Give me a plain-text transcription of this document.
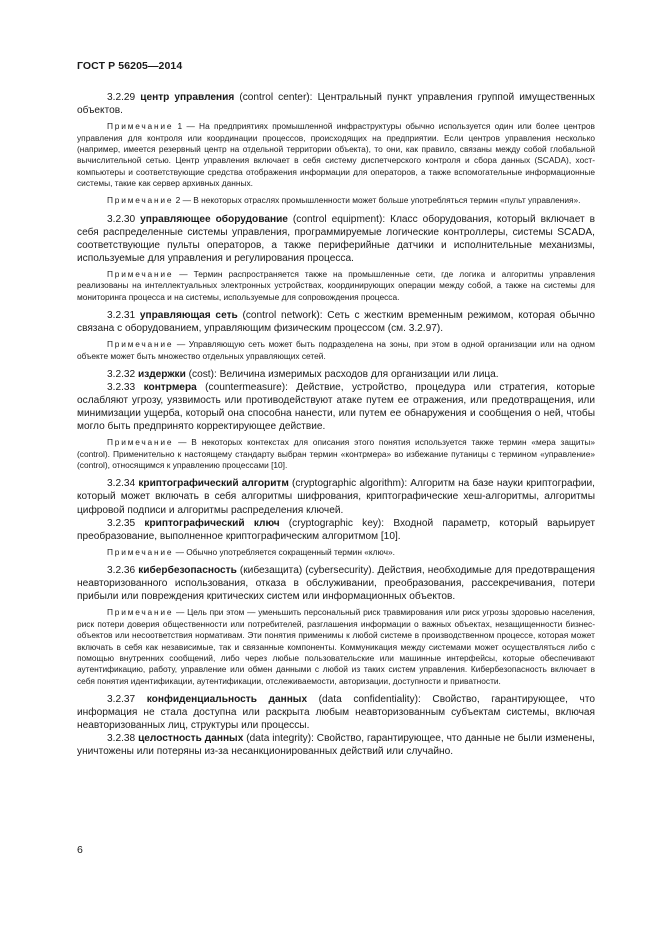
ГОСТ Р 56205—2014

3.2.29 центр управления (control center): Центральный пункт управления группой имущественных объектов.

Примечание 1 — На предприятиях промышленной инфраструктуры обычно используется один или более центров управления для контроля или координации процессов, происходящих на предприятии. Если центров управления несколько (например, имеется резервный центр на отдельной территории объекта), то они, как правило, связаны между собой глобальной вычислительной сетью. Центр управления включает в себя систему диспетчерского контроля и сбора данных (SCADA), хост-компьютеры и соответствующие средства отображения информации для операторов, а также вспомогательные информационные системы, такие как сервер архивных данных.

Примечание 2 — В некоторых отраслях промышленности может больше употребляться термин «пульт управления».

3.2.30 управляющее оборудование (control equipment): Класс оборудования, который включает в себя распределенные системы управления, программируемые логические контроллеры, системы SCADA, соответствующие пульты операторов, а также периферийные датчики и исполнительные механизмы, используемые для управления и регулирования процесса.

Примечание — Термин распространяется также на промышленные сети, где логика и алгоритмы управления реализованы на интеллектуальных электронных устройствах, координирующих операции между собой, а также на системы для мониторинга процесса и на системы, используемые для сопровождения процесса.

3.2.31 управляющая сеть (control network): Сеть с жестким временным режимом, которая обычно связана с оборудованием, управляющим физическим процессом (см. 3.2.97).

Примечание — Управляющую сеть может быть подразделена на зоны, при этом в одной организации или на одном объекте может быть множество отдельных управляющих сетей.

3.2.32 издержки (cost): Величина измеримых расходов для организации или лица.

3.2.33 контрмера (countermeasure): Действие, устройство, процедура или стратегия, которые ослабляют угрозу, уязвимость или противодействуют атаке путем ее отражения, или предотвращения, или минимизации ущерба, который она способна нанести, или путем ее обнаружения и сообщения о ней, чтобы могло быть предпринято корректирующее действие.

Примечание — В некоторых контекстах для описания этого понятия используется также термин «мера защиты» (control). Применительно к настоящему стандарту выбран термин «контрмера» во избежание путаницы с термином «управление» (control), относящимся к управлению процессами [10].

3.2.34 криптографический алгоритм (cryptographic algorithm): Алгоритм на базе науки криптографии, который может включать в себя алгоритмы шифрования, криптографические хеш-алгоритмы, алгоритмы цифровой подписи и алгоритмы распределения ключей.

3.2.35 криптографический ключ (cryptographic key): Входной параметр, который варьирует преобразование, выполненное криптографическим алгоритмом [10].

Примечание — Обычно употребляется сокращенный термин «ключ».

3.2.36 кибербезопасность (кибезащита) (cybersecurity). Действия, необходимые для предотвращения неавторизованного использования, отказа в обслуживании, преобразования, рассекречивания, потери прибыли или повреждения критических систем или информационных объектов.

Примечание — Цель при этом — уменьшить персональный риск травмирования или риск угрозы здоровью населения, риск потери доверия общественности или потребителей, разглашения информации о важных объектах, незащищенности бизнес-объектов или несоответствия нормативам. Эти понятия применимы к любой системе в производственном процессе, которая может включать в себя как независимые, так и связанные компоненты. Коммуникация между системами может осуществляться либо с помощью внутренних сообщений, либо через любые пользовательские или машинные интерфейсы, которые обеспечивают аутентификацию, работу, управление или обмен данными с любой из таких систем управления. Кибербезопасность включает в себя понятия идентификации, аутентификации, отслеживаемости, авторизации, доступности и приватности.

3.2.37 конфиденциальность данных (data confidentiality): Свойство, гарантирующее, что информация не стала доступна или раскрыта любым неавторизованным субъектам системы, включая неавторизованных лиц, структуры или процессы.

3.2.38 целостность данных (data integrity): Свойство, гарантирующее, что данные не были изменены, уничтожены или потеряны из-за несанкционированных действий или случайно.

6
